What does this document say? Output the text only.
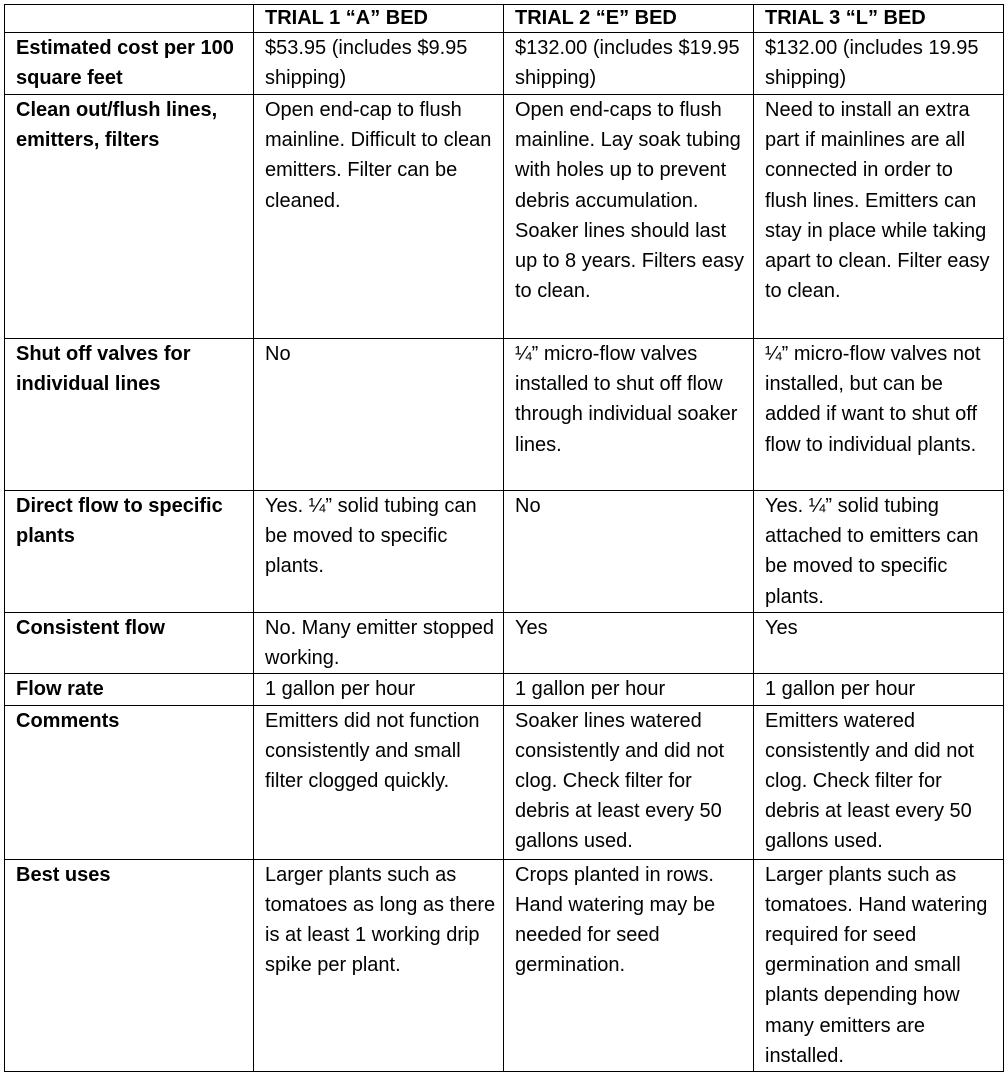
	TRIAL 1 “A” BED	TRIAL 2 “E” BED	TRIAL 3 “L” BED
Estimated cost per 100 square feet	$53.95 (includes $9.95 shipping)	$132.00 (includes $19.95 shipping)	$132.00 (includes 19.95 shipping)
Clean out/flush lines, emitters, filters	Open end-cap to flush mainline. Difficult to clean emitters. Filter can be cleaned.	Open end-caps to flush mainline. Lay soak tubing with holes up to prevent debris accumulation. Soaker lines should last up to 8 years. Filters easy to clean.	Need to install an extra part if mainlines are all connected in order to flush lines. Emitters can stay in place while taking apart to clean. Filter easy to clean.
Shut off valves for individual lines	No	¼” micro-flow valves installed to shut off flow through individual soaker lines.	¼” micro-flow valves not installed, but can be added if want to shut off flow to individual plants.
Direct flow to specific plants	Yes. ¼” solid tubing can be moved to specific plants.	No	Yes. ¼” solid tubing attached to emitters can be moved to specific plants.
Consistent flow	No. Many emitter stopped working.	Yes	Yes
Flow rate	1 gallon per hour	1 gallon per hour	1 gallon per hour
Comments	Emitters did not function consistently and small filter clogged quickly.	Soaker lines watered consistently and did not clog. Check filter for debris at least every 50 gallons used.	Emitters watered consistently and did not clog. Check filter for debris at least every 50 gallons used.
Best uses	Larger plants such as tomatoes as long as there is at least 1 working drip spike per plant.	Crops planted in rows. Hand watering may be needed for seed germination.	Larger plants such as tomatoes. Hand watering required for seed germination and small plants depending how many emitters are installed.
